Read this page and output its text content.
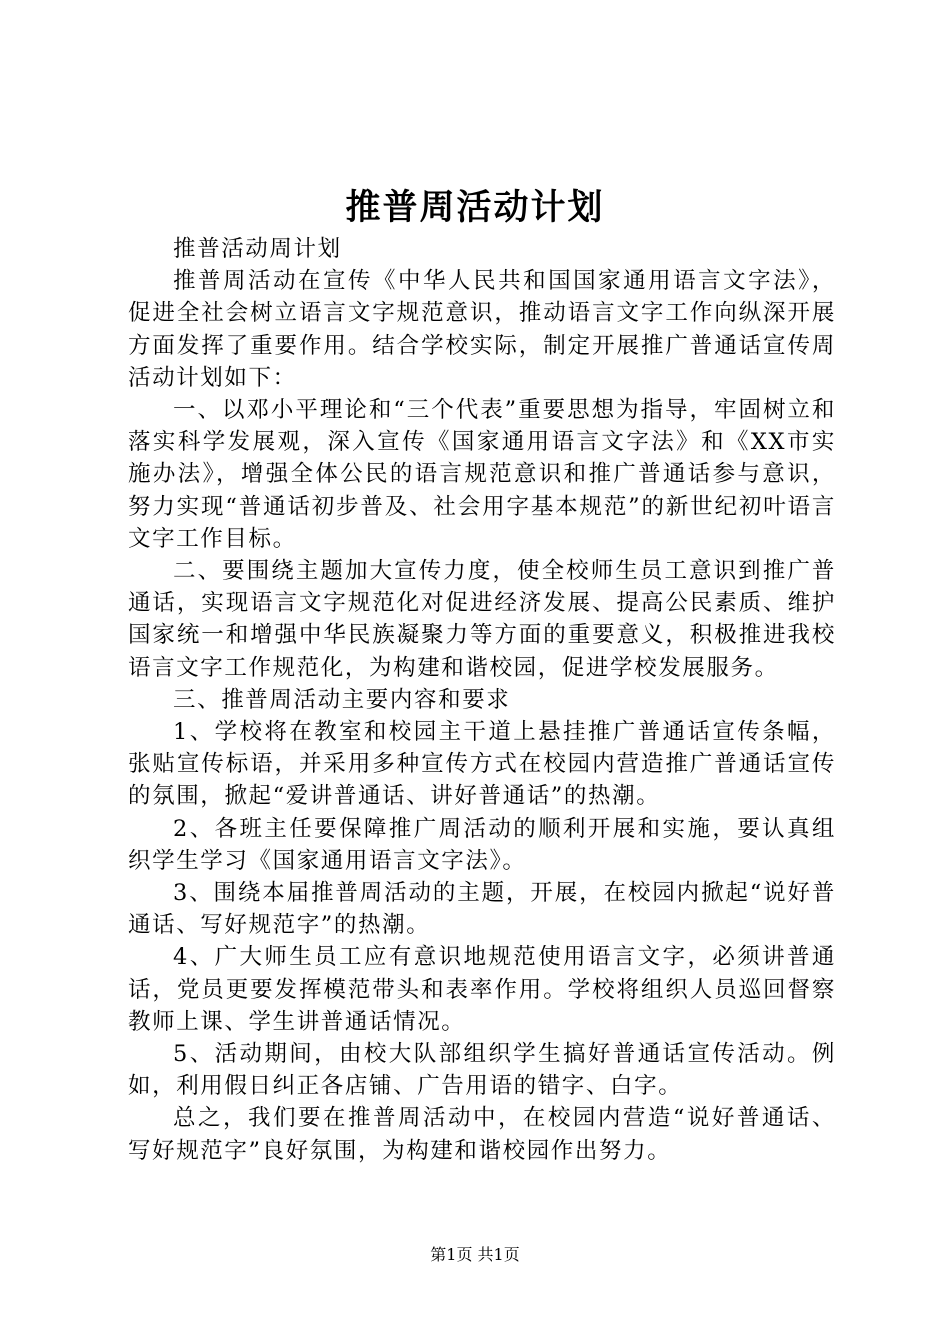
推普周活动计划

推普活动周计划

推普周活动在宣传《中华人民共和国国家通用语言文字法》，促进全社会树立语言文字规范意识，推动语言文字工作向纵深开展方面发挥了重要作用。结合学校实际，制定开展推广普通话宣传周活动计划如下：

一、以邓小平理论和“三个代表”重要思想为指导，牢固树立和落实科学发展观，深入宣传《国家通用语言文字法》和《XX市实施办法》，增强全体公民的语言规范意识和推广普通话参与意识，努力实现“普通话初步普及、社会用字基本规范”的新世纪初叶语言文字工作目标。

二、要围绕主题加大宣传力度，使全校师生员工意识到推广普通话，实现语言文字规范化对促进经济发展、提高公民素质、维护国家统一和增强中华民族凝聚力等方面的重要意义，积极推进我校语言文字工作规范化，为构建和谐校园，促进学校发展服务。

三、推普周活动主要内容和要求

1、学校将在教室和校园主干道上悬挂推广普通话宣传条幅，张贴宣传标语，并采用多种宣传方式在校园内营造推广普通话宣传的氛围，掀起“爱讲普通话、讲好普通话”的热潮。

2、各班主任要保障推广周活动的顺利开展和实施，要认真组织学生学习《国家通用语言文字法》。

3、围绕本届推普周活动的主题，开展，在校园内掀起“说好普通话、写好规范字”的热潮。

4、广大师生员工应有意识地规范使用语言文字，必须讲普通话，党员更要发挥模范带头和表率作用。学校将组织人员巡回督察教师上课、学生讲普通话情况。

5、活动期间，由校大队部组织学生搞好普通话宣传活动。例如，利用假日纠正各店铺、广告用语的错字、白字。

总之，我们要在推普周活动中，在校园内营造“说好普通话、写好规范字”良好氛围，为构建和谐校园作出努力。

第1页 共1页
